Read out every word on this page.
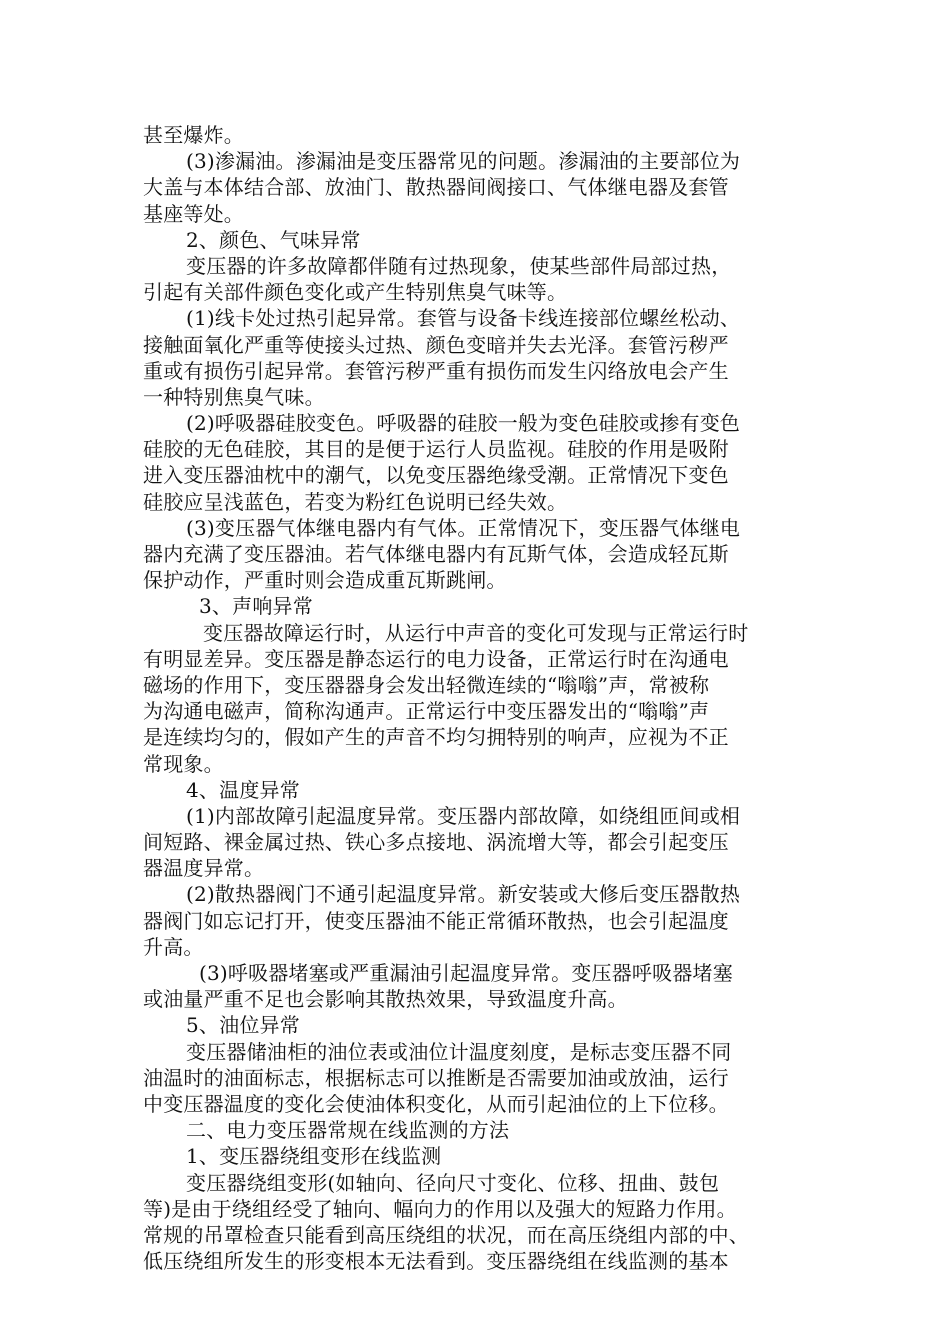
甚至爆炸。
(3)渗漏油。渗漏油是变压器常见的问题。渗漏油的主要部位为
大盖与本体结合部、放油门、散热器间阀接口、气体继电器及套管
基座等处。
2、颜色、气味异常
变压器的许多故障都伴随有过热现象，使某些部件局部过热，
引起有关部件颜色变化或产生特别焦臭气味等。
(1)线卡处过热引起异常。套管与设备卡线连接部位螺丝松动、
接触面氧化严重等使接头过热、颜色变暗并失去光泽。套管污秽严
重或有损伤引起异常。套管污秽严重有损伤而发生闪络放电会产生
一种特别焦臭气味。
(2)呼吸器硅胶变色。呼吸器的硅胶一般为变色硅胶或掺有变色
硅胶的无色硅胶，其目的是便于运行人员监视。硅胶的作用是吸附
进入变压器油枕中的潮气，以免变压器绝缘受潮。正常情况下变色
硅胶应呈浅蓝色，若变为粉红色说明已经失效。
(3)变压器气体继电器内有气体。正常情况下，变压器气体继电
器内充满了变压器油。若气体继电器内有瓦斯气体，会造成轻瓦斯
保护动作，严重时则会造成重瓦斯跳闸。
3、声响异常
变压器故障运行时，从运行中声音的变化可发现与正常运行时
有明显差异。变压器是静态运行的电力设备，正常运行时在沟通电
磁场的作用下，变压器器身会发出轻微连续的“嗡嗡”声，常被称
为沟通电磁声，简称沟通声。正常运行中变压器发出的“嗡嗡”声
是连续均匀的，假如产生的声音不均匀拥特别的响声，应视为不正
常现象。
4、温度异常
(1)内部故障引起温度异常。变压器内部故障，如绕组匝间或相
间短路、裸金属过热、铁心多点接地、涡流增大等，都会引起变压
器温度异常。
(2)散热器阀门不通引起温度异常。新安装或大修后变压器散热
器阀门如忘记打开，使变压器油不能正常循环散热，也会引起温度
升高。
(3)呼吸器堵塞或严重漏油引起温度异常。变压器呼吸器堵塞
或油量严重不足也会影响其散热效果，导致温度升高。
5、油位异常
变压器储油柜的油位表或油位计温度刻度，是标志变压器不同
油温时的油面标志，根据标志可以推断是否需要加油或放油，运行
中变压器温度的变化会使油体积变化，从而引起油位的上下位移。
二、电力变压器常规在线监测的方法
1、变压器绕组变形在线监测
变压器绕组变形(如轴向、径向尺寸变化、位移、扭曲、鼓包
等)是由于绕组经受了轴向、幅向力的作用以及强大的短路力作用。
常规的吊罩检查只能看到高压绕组的状况，而在高压绕组内部的中、
低压绕组所发生的形变根本无法看到。变压器绕组在线监测的基本
